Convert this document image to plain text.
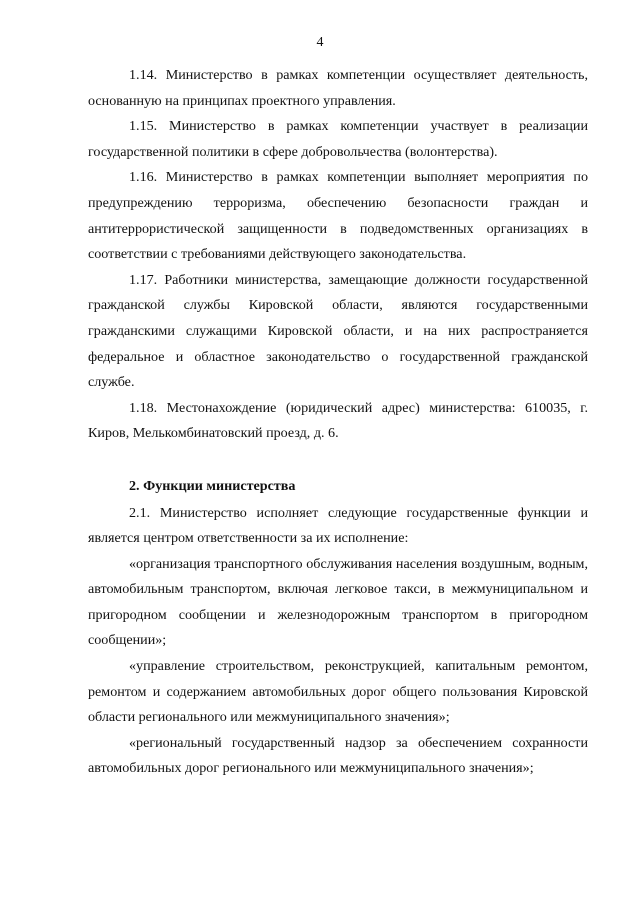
4

1.14. Министерство в рамках компетенции осуществляет деятельность, основанную на принципах проектного управления.

1.15. Министерство в рамках компетенции участвует в реализации государственной политики в сфере добровольчества (волонтерства).

1.16. Министерство в рамках компетенции выполняет мероприятия по предупреждению терроризма, обеспечению безопасности граждан и антитеррористической защищенности в подведомственных организациях в соответствии с требованиями действующего законодательства.

1.17. Работники министерства, замещающие должности государственной гражданской службы Кировской области, являются государственными гражданскими служащими Кировской области, и на них распространяется федеральное и областное законодательство о государственной гражданской службе.

1.18. Местонахождение (юридический адрес) министерства: 610035, г. Киров, Мелькомбинатовский проезд, д. 6.

2. Функции министерства

2.1. Министерство исполняет следующие государственные функции и является центром ответственности за их исполнение:

«организация транспортного обслуживания населения воздушным, водным, автомобильным транспортом, включая легковое такси, в межмуниципальном и пригородном сообщении и железнодорожным транспортом в пригородном сообщении»;

«управление строительством, реконструкцией, капитальным ремонтом, ремонтом и содержанием автомобильных дорог общего пользования Кировской области регионального или межмуниципального значения»;

«региональный государственный надзор за обеспечением сохранности автомобильных дорог регионального или межмуниципального значения»;
